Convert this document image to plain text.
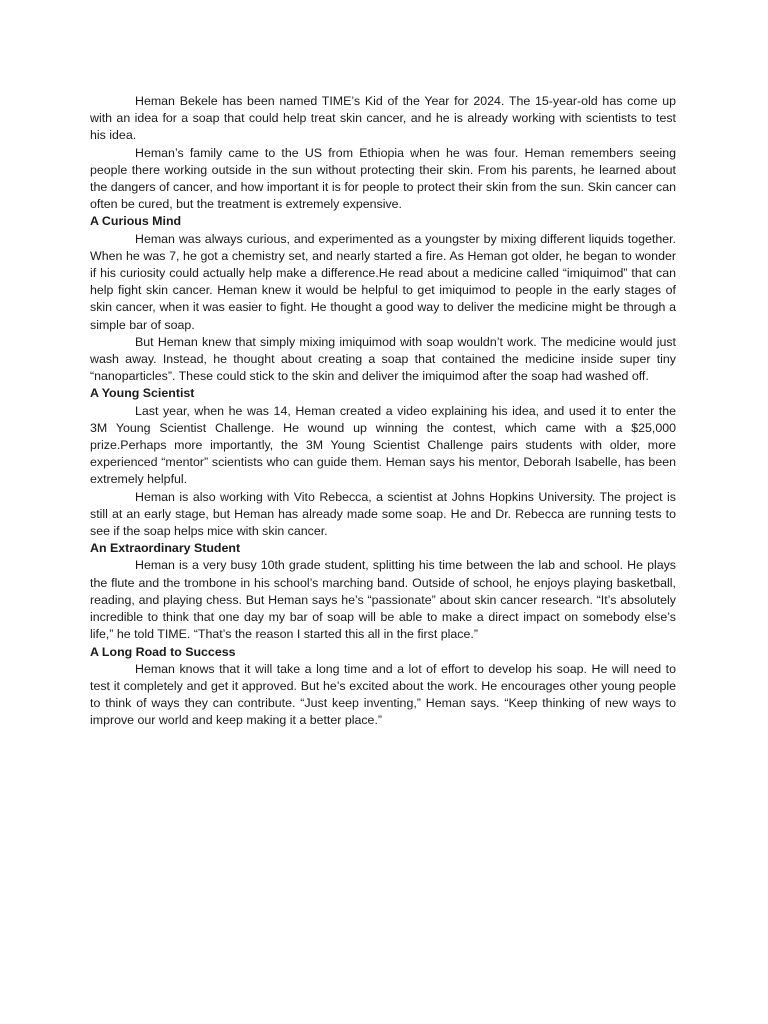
Heman Bekele has been named TIME’s Kid of the Year for 2024. The 15-year-old has come up with an idea for a soap that could help treat skin cancer, and he is already working with scientists to test his idea.

Heman’s family came to the US from Ethiopia when he was four. Heman remembers seeing people there working outside in the sun without protecting their skin. From his parents, he learned about the dangers of cancer, and how important it is for people to protect their skin from the sun. Skin cancer can often be cured, but the treatment is extremely expensive.

A Curious Mind

Heman was always curious, and experimented as a youngster by mixing different liquids together. When he was 7, he got a chemistry set, and nearly started a fire. As Heman got older, he began to wonder if his curiosity could actually help make a difference.He read about a medicine called “imiquimod” that can help fight skin cancer. Heman knew it would be helpful to get imiquimod to people in the early stages of skin cancer, when it was easier to fight. He thought a good way to deliver the medicine might be through a simple bar of soap.

But Heman knew that simply mixing imiquimod with soap wouldn’t work. The medicine would just wash away. Instead, he thought about creating a soap that contained the medicine inside super tiny “nanoparticles”. These could stick to the skin and deliver the imiquimod after the soap had washed off.

A Young Scientist

Last year, when he was 14, Heman created a video explaining his idea, and used it to enter the 3M Young Scientist Challenge. He wound up winning the contest, which came with a $25,000 prize.Perhaps more importantly, the 3M Young Scientist Challenge pairs students with older, more experienced “mentor” scientists who can guide them. Heman says his mentor, Deborah Isabelle, has been extremely helpful.

Heman is also working with Vito Rebecca, a scientist at Johns Hopkins University. The project is still at an early stage, but Heman has already made some soap. He and Dr. Rebecca are running tests to see if the soap helps mice with skin cancer.

An Extraordinary Student

Heman is a very busy 10th grade student, splitting his time between the lab and school. He plays the flute and the trombone in his school’s marching band. Outside of school, he enjoys playing basketball, reading, and playing chess. But Heman says he’s “passionate” about skin cancer research. “It’s absolutely incredible to think that one day my bar of soap will be able to make a direct impact on somebody else’s life,” he told TIME. “That’s the reason I started this all in the first place.”

A Long Road to Success

Heman knows that it will take a long time and a lot of effort to develop his soap. He will need to test it completely and get it approved. But he’s excited about the work. He encourages other young people to think of ways they can contribute. “Just keep inventing,” Heman says. “Keep thinking of new ways to improve our world and keep making it a better place.”
